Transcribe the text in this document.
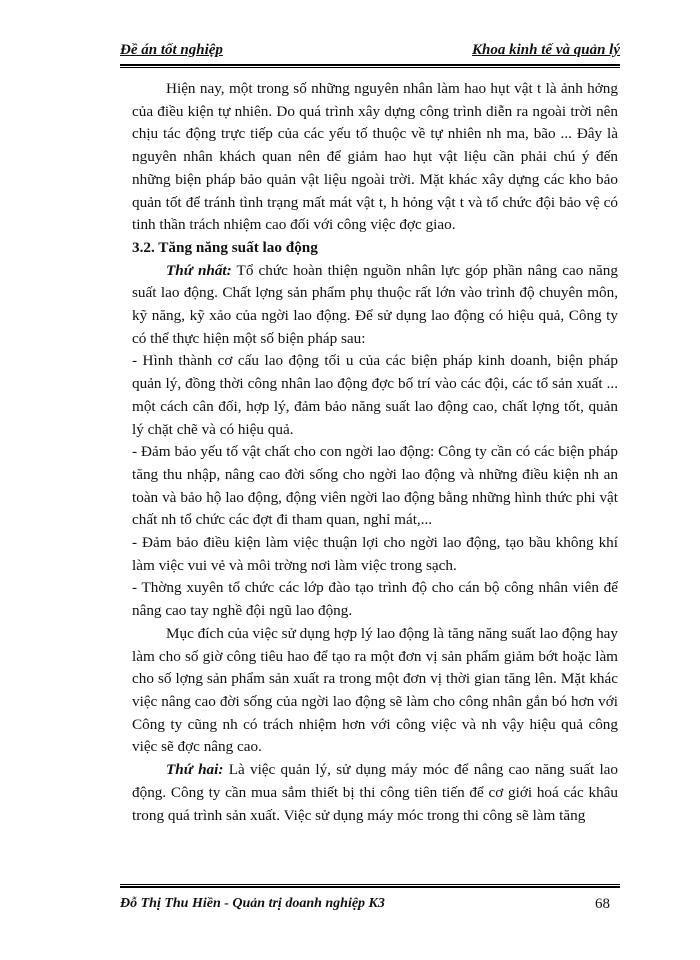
Đề án tốt nghiệp	Khoa kinh tế và quản lý

Hiện nay, một trong số những nguyên nhân làm hao hụt vật t là ảnh hởng của điều kiện tự nhiên. Do quá trình xây dựng công trình diễn ra ngoài trời nên chịu tác động trực tiếp của các yếu tố thuộc về tự nhiên nh ma, bão ... Đây là nguyên nhân khách quan nên để giảm hao hụt vật liệu cần phải chú ý đến những biện pháp bảo quản vật liệu ngoài trời. Mặt khác xây dựng các kho bảo quản tốt để tránh tình trạng mất mát vật t, h hỏng vật t và tổ chức đội bảo vệ có tinh thần trách nhiệm cao đối với công việc đợc giao.

3.2. Tăng năng suất lao động

Thứ nhất: Tổ chức hoàn thiện nguồn nhân lực góp phần nâng cao năng suất lao động. Chất lợng sản phẩm phụ thuộc rất lớn vào trình độ chuyên môn, kỹ năng, kỹ xảo của ngời lao động. Để sử dụng lao động có hiệu quả, Công ty có thể thực hiện một số biện pháp sau:

- Hình thành cơ cấu lao động tối u của các biện pháp kinh doanh, biện pháp quản lý, đồng thời công nhân lao động đợc bố trí vào các đội, các tổ sản xuất ... một cách cân đối, hợp lý, đảm bảo năng suất lao động cao, chất lợng tốt, quản lý chặt chẽ và có hiệu quả.

- Đảm bảo yếu tố vật chất cho con ngời lao động: Công ty cần có các biện pháp tăng thu nhập, nâng cao đời sống cho ngời lao động và những điều kiện nh an toàn và bảo hộ lao động, động viên ngời lao động bằng những hình thức phi vật chất nh tổ chức các đợt đi tham quan, nghỉ mát,...

- Đảm bảo điều kiện làm việc thuận lợi cho ngời lao động, tạo bầu không khí làm việc vui vẻ và môi trờng nơi làm việc trong sạch.

- Thờng xuyên tổ chức các lớp đào tạo trình độ cho cán bộ công nhân viên để nâng cao tay nghề đội ngũ lao động.

Mục đích của việc sử dụng hợp lý lao động là tăng năng suất lao động hay làm cho số giờ công tiêu hao để tạo ra một đơn vị sản phẩm giảm bớt hoặc làm cho số lợng sản phẩm sản xuất ra trong một đơn vị thời gian tăng lên. Mặt khác việc nâng cao đời sống của ngời lao động sẽ làm cho công nhân gắn bó hơn với Công ty cũng nh có trách nhiệm hơn với công việc và nh vậy hiệu quả công việc sẽ đợc nâng cao.

Thứ hai: Là việc quản lý, sử dụng máy móc để nâng cao năng suất lao động. Công ty cần mua sắm thiết bị thi công tiên tiến để cơ giới hoá các khâu trong quá trình sản xuất. Việc sử dụng máy móc trong thi công sẽ làm tăng

Đỗ Thị Thu Hiền - Quản trị doanh nghiệp K3	68
